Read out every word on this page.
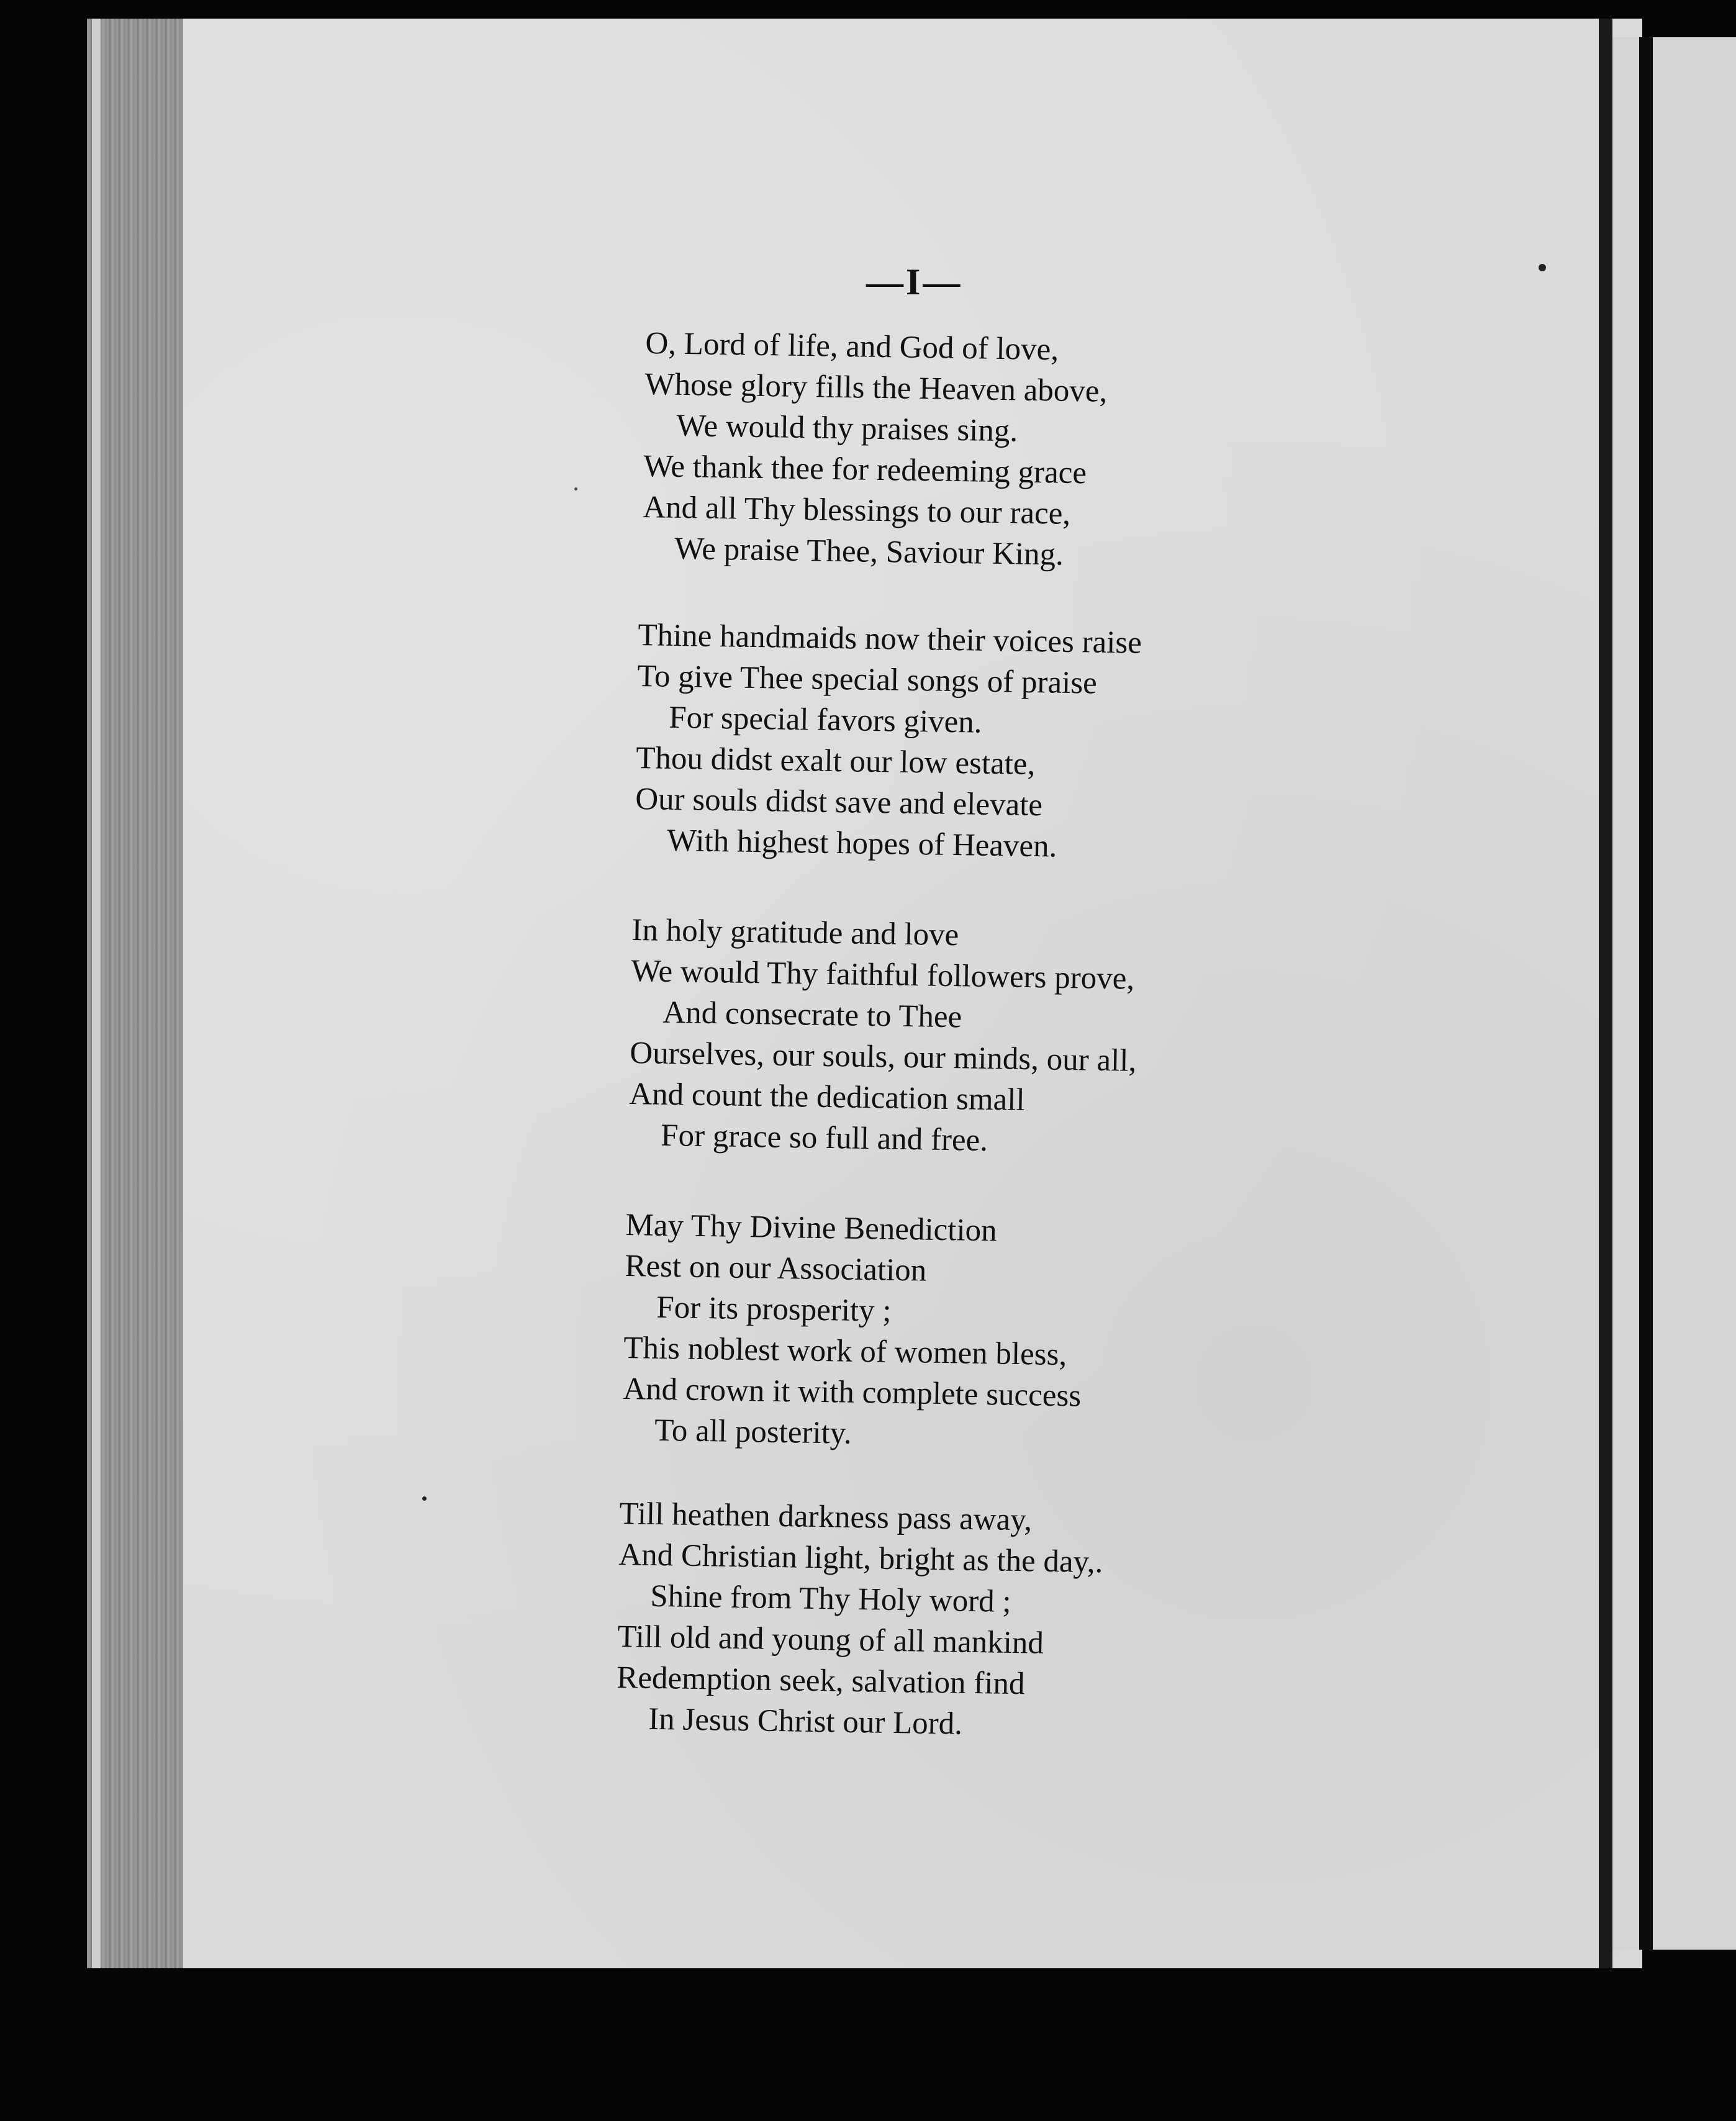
—I—
O, Lord of life, and God of love,
Whose glory fills the Heaven above,
We would thy praises sing.
We thank thee for redeeming grace
And all Thy blessings to our race,
We praise Thee, Saviour King.
Thine handmaids now their voices raise
To give Thee special songs of praise
For special favors given.
Thou didst exalt our low estate,
Our souls didst save and elevate
With highest hopes of Heaven.
In holy gratitude and love
We would Thy faithful followers prove,
And consecrate to Thee
Ourselves, our souls, our minds, our all,
And count the dedication small
For grace so full and free.
May Thy Divine Benediction
Rest on our Association
For its prosperity ;
This noblest work of women bless,
And crown it with complete success
To all posterity.
Till heathen darkness pass away,
And Christian light, bright as the day,.
Shine from Thy Holy word ;
Till old and young of all mankind
Redemption seek, salvation find
In Jesus Christ our Lord.
